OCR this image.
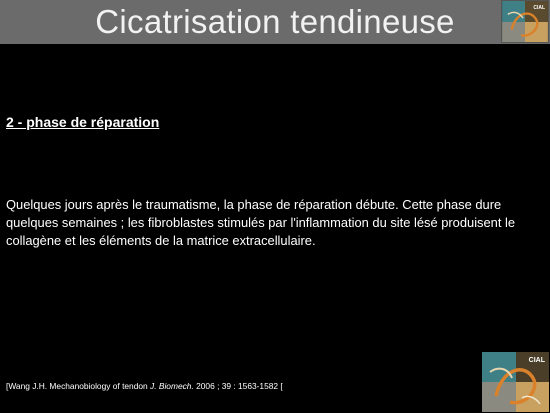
Cicatrisation tendineuse	CIAL
2 - phase de réparation
Quelques jours après le traumatisme, la phase de réparation débute. Cette phase dure quelques semaines ; les fibroblastes stimulés par l'inflammation du site lésé produisent le collagène et les éléments de la matrice extracellulaire.
[Wang J.H. Mechanobiology of tendon J. Biomech. 2006 ; 39 : 1563-1582 [
CIAL
